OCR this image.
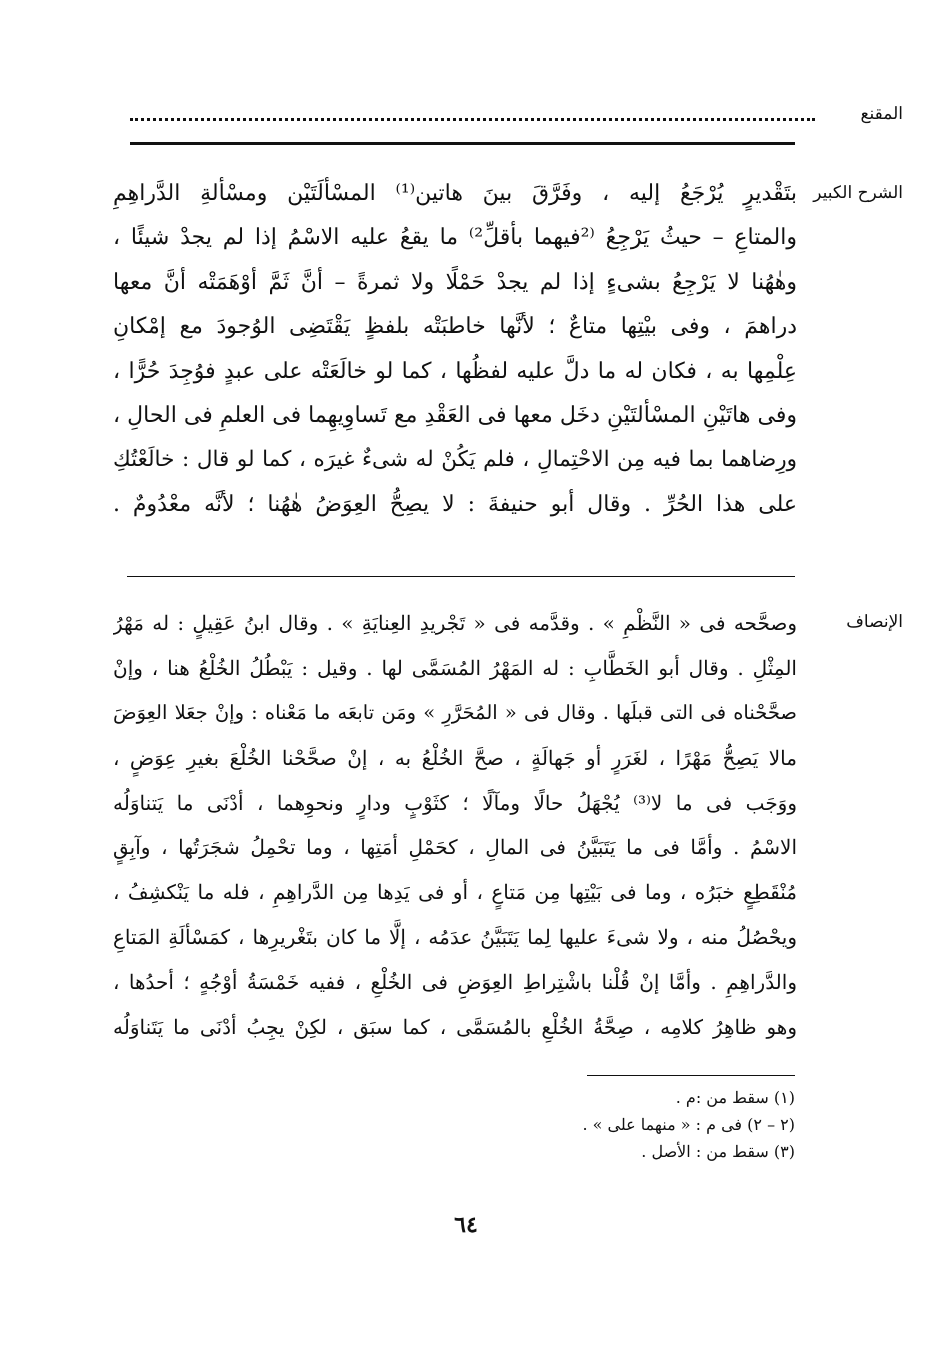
المقنع
الشرح الكبير
بتَقْديرٍ يُرْجَعُ إليه ، وفَرَّقَ بينَ هاتين⁽¹⁾ المسْألَتَيْن ومسْألةِ الدَّراهِمِ
والمتاعِ – حيثُ يَرْجِعُ ⁽²فيهما بأقلِّ²⁾ ما يقعُ عليه الاسْمُ إذا لم يجدْ شيئًا ،
وهٰهُنا لا يَرْجِعُ بشىءٍ إذا لم يجدْ حَمْلًا ولا ثمرةً – أنَّ ثَمَّ أوْهَمَتْه أنَّ معها
دراهمَ ، وفى بيْتِها متاعٌ ؛ لأنَّها خاطبَتْه بلفظٍ يَقْتَضِى الوُجودَ مع إمْكانِ
عِلْمِها به ، فكان له ما دلَّ عليه لفظُها ، كما لو خالَعَتْه على عبدٍ فوُجِدَ حُرًّا ،
وفى هاتَيْنِ المسْألتَيْنِ دخَل معها فى العَقْدِ مع تَساوِيهِما فى العلمِ فى الحالِ ،
ورِضاهما بما فيه مِن الاحْتِمالِ ، فلم يَكُنْ له شىءٌ غيرَه ، كما لو قال : خالَعْتُكِ
على هذا الحُرِّ . وقال أبو حنيفةَ : لا يصِحُّ العِوَضُ هٰهُنا ؛ لأنَّه معْدُومٌ .
الإنصاف
وصحَّحه فى « النَّظْمِ » . وقدَّمه فى « تَجْريدِ العِنايَةِ » . وقال ابنُ عَقِيلٍ : له مَهْرُ
المِثْلِ . وقال أبو الخَطَّابِ : له المَهْرُ المُسَمَّى لها . وقيل : يَبْطُلُ الخُلْعُ هنا ، وإنْ
صحَّحْناه فى التى قبلَها . وقال فى « المُحَرَّرِ » ومَن تابعَه ما مَعْناه : وإنْ جعَلا العِوَضَ
مالا يَصِحُّ مَهْرًا ، لغَرَرٍ أو جَهالَةٍ ، صحَّ الخُلْعُ به ، إنْ صحَّحْنا الخُلْعَ بغيرِ عِوَضٍ ،
ووَجَب فى ما لا⁽³⁾ يُجْهَلُ حالًا ومآلًا ؛ كثَوْبٍ ودارٍ ونحوِهما ، أدْنَى ما يَتناوَلُه
الاسْمُ . وأمَّا فى ما يَتَبَيَّنُ فى المالِ ، كحَمْلِ أمَتِها ، وما تحْمِلُ شجَرَتُها ، وآبِقٍ
مُنْقَطِعٍ خبَرُه ، وما فى بَيْتِها مِن مَتاعٍ ، أو فى يَدِها مِن الدَّراهِمِ ، فله ما يَنْكشِفُ ،
ويحْصُلُ منه ، ولا شىءَ عليها لِما يَتَبَيَّنُ عدَمُه ، إلَّا ما كان بتَغْريرِها ، كمَسْألَةِ المَتاعِ
والدَّراهِمِ . وأمَّا إنْ قُلْنا باشْتِراطِ العِوَضِ فى الخُلْعِ ، ففيه خَمْسَةُ أوْجُهٍ ؛ أحدُها ،
وهو ظاهِرُ كلامِه ، صِحَّةُ الخُلْعِ بالمُسَمَّى ، كما سبَق ، لكِنْ يجِبُ أدْنَى ما يَتَناوَلُه
(١) سقط من :م .
(٢ – ٢) فى م : « منهما على » .
(٣) سقط من : الأصل .
٦٤
